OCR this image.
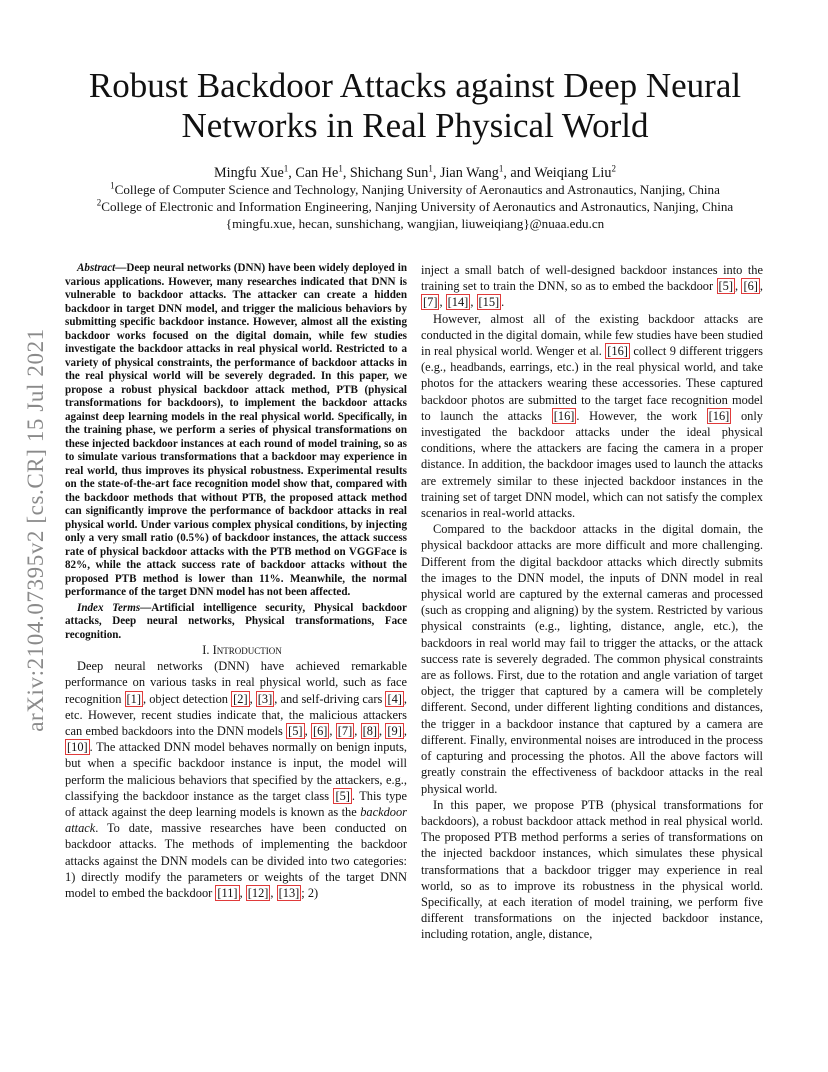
arXiv:2104.07395v2 [cs.CR] 15 Jul 2021
Robust Backdoor Attacks against Deep Neural Networks in Real Physical World
Mingfu Xue$^1$, Can He$^1$, Shichang Sun$^1$, Jian Wang$^1$, and Weiqiang Liu$^2$
$^1$College of Computer Science and Technology, Nanjing University of Aeronautics and Astronautics, Nanjing, China
$^2$College of Electronic and Information Engineering, Nanjing University of Aeronautics and Astronautics, Nanjing, China
{mingfu.xue, hecan, sunshichang, wangjian, liuweiqiang}@nuaa.edu.cn

Abstract—Deep neural networks (DNN) have been widely deployed in various applications. However, many researches indicated that DNN is vulnerable to backdoor attacks. The attacker can create a hidden backdoor in target DNN model, and trigger the malicious behaviors by submitting specific backdoor instance. However, almost all the existing backdoor works focused on the digital domain, while few studies investigate the backdoor attacks in real physical world. Restricted to a variety of physical constraints, the performance of backdoor attacks in the real physical world will be severely degraded. In this paper, we propose a robust physical backdoor attack method, PTB (physical transformations for backdoors), to implement the backdoor attacks against deep learning models in the real physical world. Specifically, in the training phase, we perform a series of physical transformations on these injected backdoor instances at each round of model training, so as to simulate various transformations that a backdoor may experience in real world, thus improves its physical robustness. Experimental results on the state-of-the-art face recognition model show that, compared with the backdoor methods that without PTB, the proposed attack method can significantly improve the performance of backdoor attacks in real physical world. Under various complex physical conditions, by injecting only a very small ratio (0.5%) of backdoor instances, the attack success rate of physical backdoor attacks with the PTB method on VGGFace is 82%, while the attack success rate of backdoor attacks without the proposed PTB method is lower than 11%. Meanwhile, the normal performance of the target DNN model has not been affected.

Index Terms—Artificial intelligence security, Physical backdoor attacks, Deep neural networks, Physical transformations, Face recognition.

I. Introduction

Deep neural networks (DNN) have achieved remarkable performance on various tasks in real physical world, such as face recognition [1] , object detection [2] , [3] , and self-driving cars [4] , etc. However, recent studies indicate that, the malicious attackers can embed backdoors into the DNN models [5] , [6] , [7] , [8] , [9] , [10] . The attacked DNN model behaves normally on benign inputs, but when a specific backdoor instance is input, the model will perform the malicious behaviors that specified by the attackers, e.g., classifying the backdoor instance as the target class [5] . This type of attack against the deep learning models is known as the backdoor attack. To date, massive researches have been conducted on backdoor attacks. The methods of implementing the backdoor attacks against the DNN models can be divided into two categories: 1) directly modify the parameters or weights of the target DNN model to embed the backdoor [11] , [12] , [13] ; 2)

inject a small batch of well-designed backdoor instances into the training set to train the DNN, so as to embed the backdoor [5] , [6] , [7] , [14] , [15] .

However, almost all of the existing backdoor attacks are conducted in the digital domain, while few studies have been studied in real physical world. Wenger et al. [16] collect 9 different triggers (e.g., headbands, earrings, etc.) in the real physical world, and take photos for the attackers wearing these accessories. These captured backdoor photos are submitted to the target face recognition model to launch the attacks [16] . However, the work [16] only investigated the backdoor attacks under the ideal physical conditions, where the attackers are facing the camera in a proper distance. In addition, the backdoor images used to launch the attacks are extremely similar to these injected backdoor instances in the training set of target DNN model, which can not satisfy the complex scenarios in real-world attacks.

Compared to the backdoor attacks in the digital domain, the physical backdoor attacks are more difficult and more challenging. Different from the digital backdoor attacks which directly submits the images to the DNN model, the inputs of DNN model in real physical world are captured by the external cameras and processed (such as cropping and aligning) by the system. Restricted by various physical constraints (e.g., lighting, distance, angle, etc.), the backdoors in real world may fail to trigger the attacks, or the attack success rate is severely degraded. The common physical constraints are as follows. First, due to the rotation and angle variation of target object, the trigger that captured by a camera will be completely different. Second, under different lighting conditions and distances, the trigger in a backdoor instance that captured by a camera are different. Finally, environmental noises are introduced in the process of capturing and processing the photos. All the above factors will greatly constrain the effectiveness of backdoor attacks in the real physical world.

In this paper, we propose PTB (physical transformations for backdoors), a robust backdoor attack method in real physical world. The proposed PTB method performs a series of transformations on the injected backdoor instances, which simulates these physical transformations that a backdoor trigger may experience in real world, so as to improve its robustness in the physical world. Specifically, at each iteration of model training, we perform five different transformations on the injected backdoor instance, including rotation, angle, distance,
